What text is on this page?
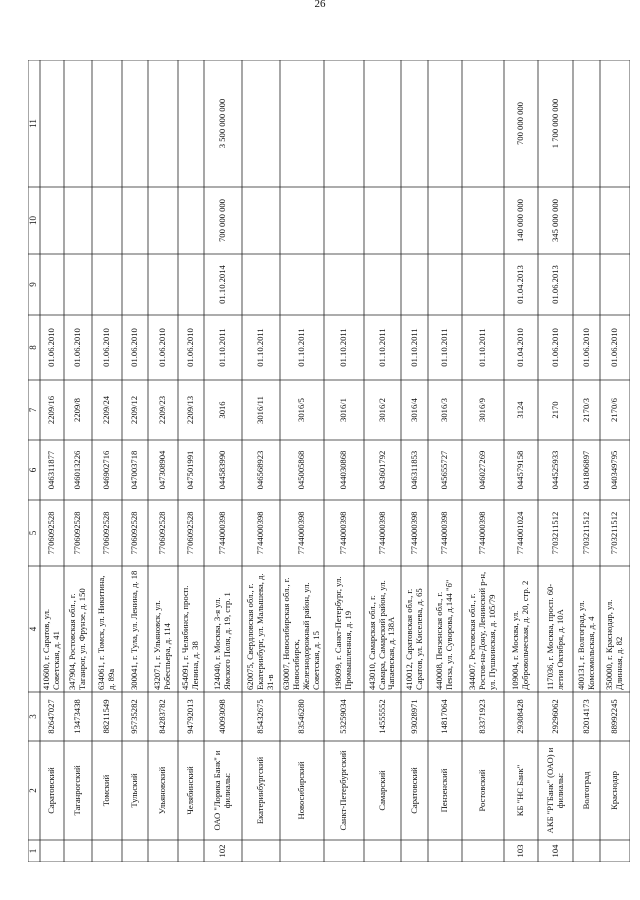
26
1
2
3
4
5
6
7
8
9
10
11
Саратовский
82647027
410600, г. Саратов, ул. Советская, д. 41
7706092528
046311877
2209/16
01.06.2010
Таганрогский
13473438
347904, Ростовская обл., г. Таганрог, ул. Фрунзе, д. 150
7706092528
046013226
2209/8
01.06.2010
Томский
88211549
634061, г. Томск, ул. Никитина, д. 89а
7706092528
046902716
2209/24
01.06.2010
Тульский
95735282
300041, г. Тула, ул. Ленина, д. 18
7706092528
047003718
2209/12
01.06.2010
Ульяновский
84283782
432071, г. Ульяновск, ул. Робеспьера, д. 114
7706092528
047308904
2209/23
01.06.2010
Челябинский
94792013
454091, г. Челябинск, просп. Ленина, д. 38
7706092528
047501991
2209/13
01.06.2010
102
ОАО "Лорика Банк" и филиалы:
40093098
124040, г. Москва, 3-я ул. Ямского Поля, д. 19, стр. 1
7744000398
044583990
3016
01.10.2011
01.10.2014
700 000 000
3 500 000 000
Екатеринбургский
85432675
620075, Свердловская обл., г. Екатеринбург, ул. Малышева, д. 31-в
7744000398
046568923
3016/11
01.10.2011
Новосибирский
83546280
630007, Новосибирская обл., г. Новосибирск, Железнодорожный район, ул. Советская, д. 15
7744000398
045005868
3016/5
01.10.2011
Санкт-Петербургский
53259034
198099, г. Санкт-Петербург, ул. Промышленная, д. 19
7744000398
044030868
3016/1
01.10.2011
Самарский
14555552
443010, Самарская обл., г. Самара, Самарский район, ул. Чапаевская, д. 138А
7744000398
043601792
3016/2
01.10.2011
Саратовский
93028971
410012, Саратовская обл., г. Саратов, ул. Киселева, д. 65
7744000398
046311853
3016/4
01.10.2011
Пензенский
14817064
440008, Пензенская обл., г. Пенза, ул. Суворова, д.144 "б"
7744000398
045655727
3016/3
01.10.2011
Ростовский
83371923
344007, Ростовская обл., г. Ростов-на-Дону, Ленинский р-н, ул. Пушкинская, д. 105/79
7744000398
046027269
3016/9
01.10.2011
103
КБ "НС Банк"
29308428
109004, г. Москва, ул. Добровольческая, д. 20, стр. 2
7744001024
044579158
3124
01.04.2010
01.04.2013
140 000 000
700 000 000
104
АКБ "РГБанк" (ОАО) и филиалы:
29296062
117036, г. Москва, просп. 60-летия Октября, д. 10А
7703211512
044525933
2170
01.06.2010
01.06.2013
345 000 000
1 700 000 000
Волгоград
82014173
400131, г. Волгоград, ул. Комсомольская, д. 4
7703211512
041806897
2170/3
01.06.2010
Краснодар
88992245
350000, г. Краснодар, ул. Длинная, д. 82
7703211512
040349795
2170/6
01.06.2010
